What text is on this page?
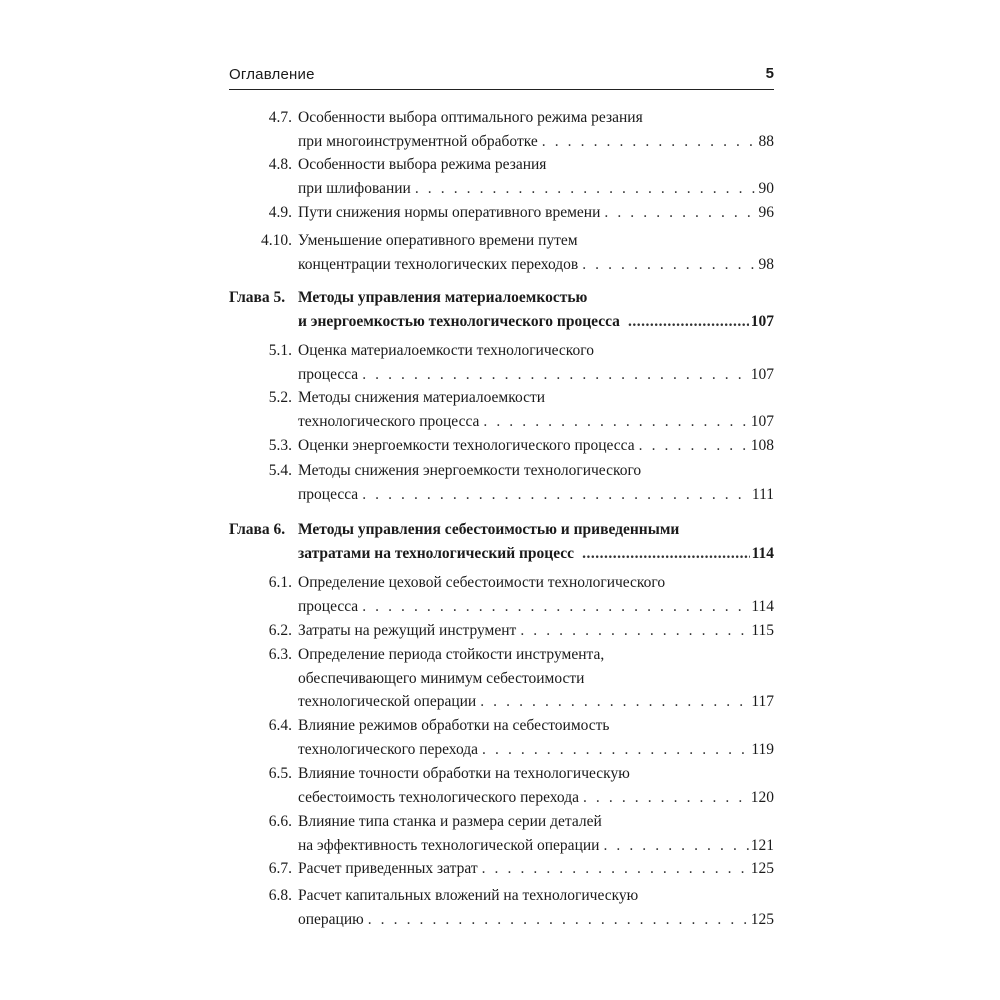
Оглавление	5
4.7. Особенности выбора оптимального режима резания
при многоинструментной обработке . . .	88
4.8. Особенности выбора режима резания
при шлифовании . . .	90
4.9. Пути снижения нормы оперативного времени . . .	96
4.10. Уменьшение оперативного времени путем
концентрации технологических переходов . . .	98
Глава 5. Методы управления материалоемкостью
и энергоемкостью технологического процесса .....	107
5.1. Оценка материалоемкости технологического
процесса . . .	107
5.2. Методы снижения материалоемкости
технологического процесса . . .	107
5.3. Оценки энергоемкости технологического процесса . . .	108
5.4. Методы снижения энергоемкости технологического
процесса . . .	111
Глава 6. Методы управления себестоимостью и приведенными
затратами на технологический процесс .....	114
6.1. Определение цеховой себестоимости технологического
процесса . . .	114
6.2. Затраты на режущий инструмент . . .	115
6.3. Определение периода стойкости инструмента,
обеспечивающего минимум себестоимости
технологической операции . . .	117
6.4. Влияние режимов обработки на себестоимость
технологического перехода . . .	119
6.5. Влияние точности обработки на технологическую
себестоимость технологического перехода . . .	120
6.6. Влияние типа станка и размера серии деталей
на эффективность технологической операции . . .	121
6.7. Расчет приведенных затрат . . .	125
6.8. Расчет капитальных вложений на технологическую
операцию . . .	125
